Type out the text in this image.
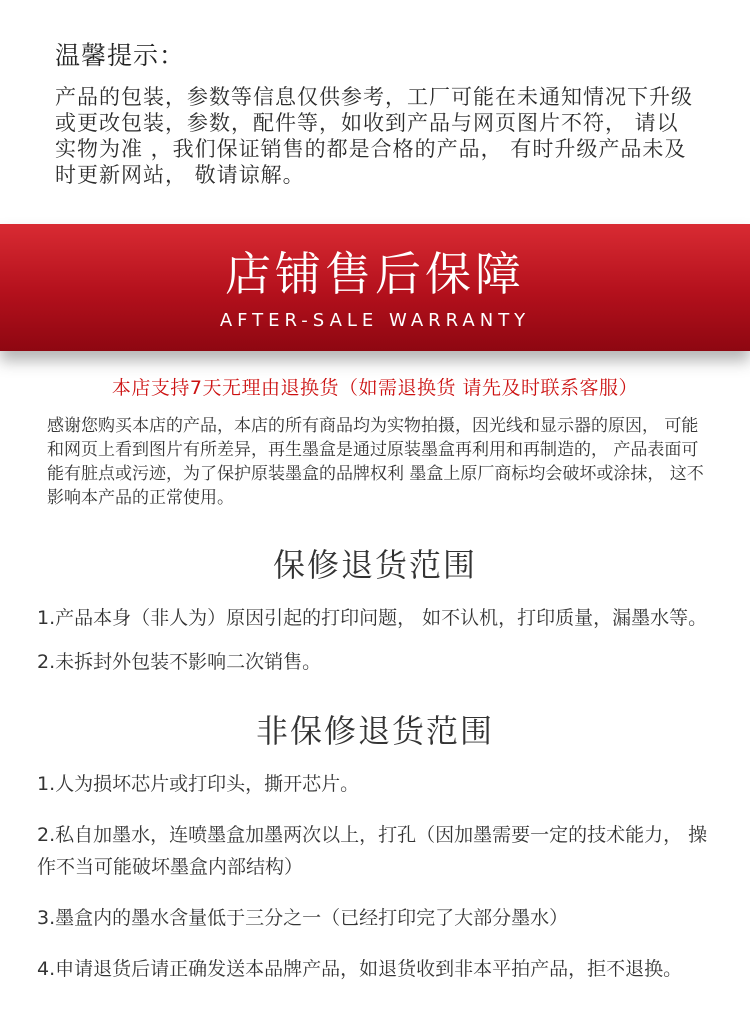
温馨提示：

产品的包装，参数等信息仅供参考，工厂可能在未通知情况下升级或更改包装，参数，配件等，如收到产品与网页图片不符， 请以实物为准 ，我们保证销售的都是合格的产品， 有时升级产品未及时更新网站， 敬请谅解。

店铺售后保障
AFTER-SALE WARRANTY
本店支持7天无理由退换货（如需退换货 请先及时联系客服）
感谢您购买本店的产品，本店的所有商品均为实物拍摄，因光线和显示器的原因， 可能和网页上看到图片有所差异，再生墨盒是通过原装墨盒再利用和再制造的， 产品表面可能有脏点或污迹，为了保护原装墨盒的品牌权利 墨盒上原厂商标均会破坏或涂抹， 这不影响本产品的正常使用。
保修退货范围
1.产品本身（非人为）原因引起的打印问题， 如不认机，打印质量，漏墨水等。
2.未拆封外包装不影响二次销售。
非保修退货范围
1.人为损坏芯片或打印头，撕开芯片。
2.私自加墨水，连喷墨盒加墨两次以上，打孔（因加墨需要一定的技术能力， 操作不当可能破坏墨盒内部结构）
3.墨盒内的墨水含量低于三分之一（已经打印完了大部分墨水）
4.申请退货后请正确发送本品牌产品，如退货收到非本平拍产品，拒不退换。
